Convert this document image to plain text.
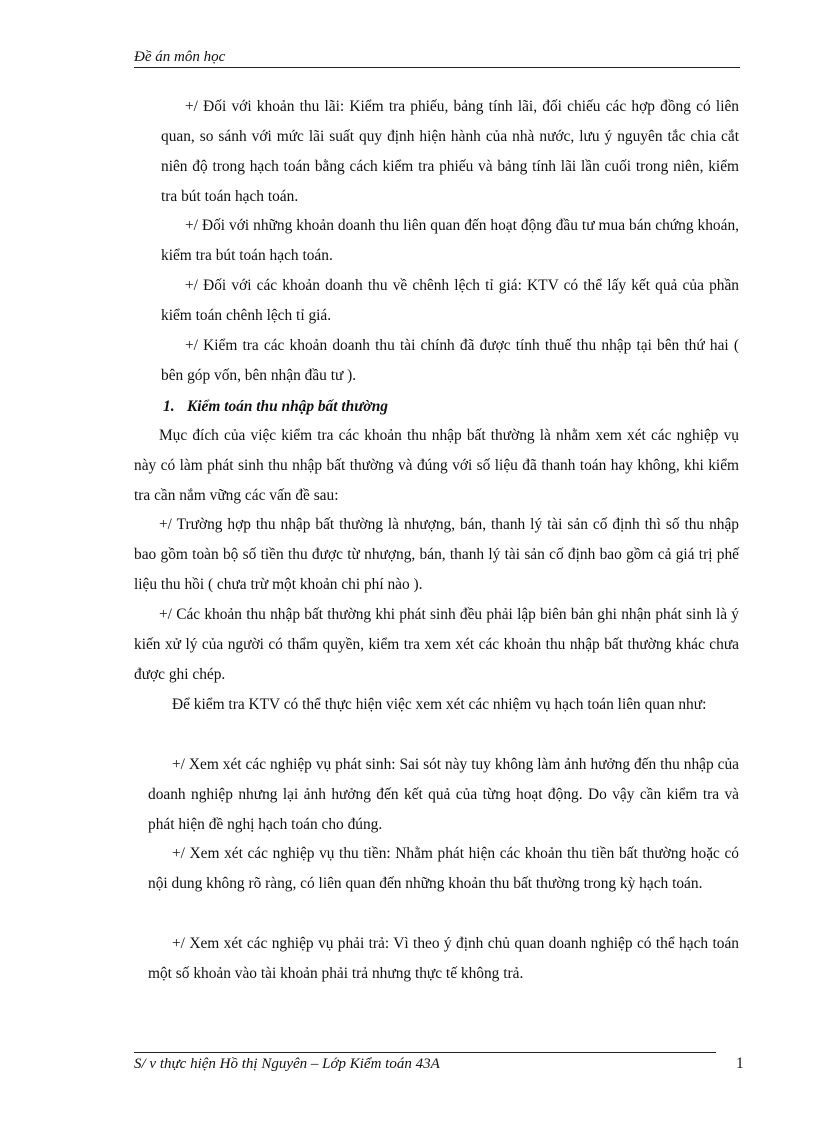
Đề án môn học

+/ Đối với khoản thu lãi: Kiểm tra phiếu, bảng tính lãi, đối chiếu các hợp đồng có liên quan, so sánh với mức lãi suất quy định hiện hành của nhà nước, lưu ý nguyên tắc chia cắt niên độ trong hạch toán bằng cách kiểm tra phiếu và bảng tính lãi lần cuối trong niên, kiểm tra bút toán hạch toán.

+/ Đối với những khoản doanh thu liên quan đến hoạt động đầu tư mua bán chứng khoán, kiểm tra bút toán hạch toán.

+/ Đối với các khoản doanh thu về chênh lệch tỉ giá: KTV có thể lấy kết quả của phần kiểm toán chênh lệch tỉ giá.

+/ Kiểm tra các khoản doanh thu tài chính đã được tính thuế thu nhập tại bên thứ hai ( bên góp vốn, bên nhận đầu tư ).

1. Kiểm toán thu nhập bất thường

Mục đích của việc kiểm tra các khoản thu nhập bất thường là nhằm xem xét các nghiệp vụ này có làm phát sinh thu nhập bất thường và đúng với số liệu đã thanh toán hay không, khi kiểm tra cần nắm vững các vấn đề sau:

+/ Trường hợp thu nhập bất thường là nhượng, bán, thanh lý tài sản cố định thì số thu nhập bao gồm toàn bộ số tiền thu được từ nhượng, bán, thanh lý tài sản cố định bao gồm cả giá trị phế liệu thu hồi ( chưa trừ một khoản chi phí nào ).

+/ Các khoản thu nhập bất thường khi phát sinh đều phải lập biên bản ghi nhận phát sinh là ý kiến xử lý của người có thẩm quyền, kiểm tra xem xét các khoản thu nhập bất thường khác chưa được ghi chép.

Để kiểm tra KTV có thể thực hiện việc xem xét các nhiệm vụ hạch toán liên quan như:

+/ Xem xét các nghiệp vụ phát sinh: Sai sót này tuy không làm ảnh hưởng đến thu nhập của doanh nghiệp nhưng lại ảnh hưởng đến kết quả của từng hoạt động. Do vậy cần kiểm tra và phát hiện đề nghị hạch toán cho đúng.

+/ Xem xét các nghiệp vụ thu tiền: Nhằm phát hiện các khoản thu tiền bất thường hoặc có nội dung không rõ ràng, có liên quan đến những khoản thu bất thường trong kỳ hạch toán.

+/ Xem xét các nghiệp vụ phải trả: Vì theo ý định chủ quan doanh nghiệp có thể hạch toán một số khoản vào tài khoản phải trả nhưng thực tế không trả.

S/ v thực hiện Hồ thị Nguyên – Lớp Kiểm toán 43A	1
